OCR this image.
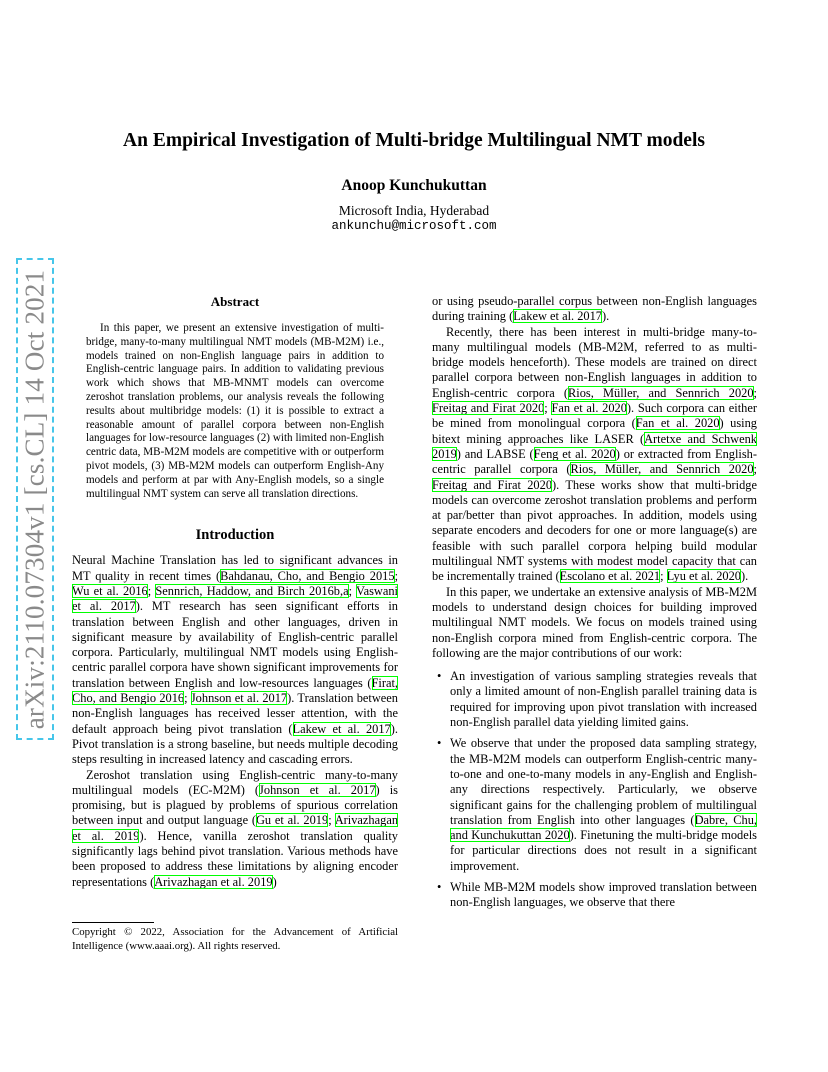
arXiv:2110.07304v1 [cs.CL] 14 Oct 2021
An Empirical Investigation of Multi-bridge Multilingual NMT models
Anoop Kunchukuttan
Microsoft India, Hyderabad
ankunchu@microsoft.com
Abstract

In this paper, we present an extensive investigation of multi-bridge, many-to-many multilingual NMT models (MB-M2M) i.e., models trained on non-English language pairs in addition to English-centric language pairs. In addition to validating previous work which shows that MB-MNMT models can overcome zeroshot translation problems, our analysis reveals the following results about multibridge models: (1) it is possible to extract a reasonable amount of parallel corpora between non-English languages for low-resource languages (2) with limited non-English centric data, MB-M2M models are competitive with or outperform pivot models, (3) MB-M2M models can outperform English-Any models and perform at par with Any-English models, so a single multilingual NMT system can serve all translation directions.

Introduction

Neural Machine Translation has led to significant advances in MT quality in recent times (Bahdanau, Cho, and Bengio 2015; Wu et al. 2016; Sennrich, Haddow, and Birch 2016b,a; Vaswani et al. 2017). MT research has seen significant efforts in translation between English and other languages, driven in significant measure by availability of English-centric parallel corpora. Particularly, multilingual NMT models using English-centric parallel corpora have shown significant improvements for translation between English and low-resources languages (Firat, Cho, and Bengio 2016; Johnson et al. 2017). Translation between non-English languages has received lesser attention, with the default approach being pivot translation (Lakew et al. 2017). Pivot translation is a strong baseline, but needs multiple decoding steps resulting in increased latency and cascading errors.

Zeroshot translation using English-centric many-to-many multilingual models (EC-M2M) (Johnson et al. 2017) is promising, but is plagued by problems of spurious correlation between input and output language (Gu et al. 2019; Arivazhagan et al. 2019). Hence, vanilla zeroshot translation quality significantly lags behind pivot translation. Various methods have been proposed to address these limitations by aligning encoder representations (Arivazhagan et al. 2019)

or using pseudo-parallel corpus between non-English languages during training (Lakew et al. 2017).

Recently, there has been interest in multi-bridge many-to-many multilingual models (MB-M2M, referred to as multi-bridge models henceforth). These models are trained on direct parallel corpora between non-English languages in addition to English-centric corpora (Rios, Müller, and Sennrich 2020; Freitag and Firat 2020; Fan et al. 2020). Such corpora can either be mined from monolingual corpora (Fan et al. 2020) using bitext mining approaches like LASER (Artetxe and Schwenk 2019) and LABSE (Feng et al. 2020) or extracted from English-centric parallel corpora (Rios, Müller, and Sennrich 2020; Freitag and Firat 2020). These works show that multi-bridge models can overcome zeroshot translation problems and perform at par/better than pivot approaches. In addition, models using separate encoders and decoders for one or more language(s) are feasible with such parallel corpora helping build modular multilingual NMT systems with modest model capacity that can be incrementally trained (Escolano et al. 2021; Lyu et al. 2020).

In this paper, we undertake an extensive analysis of MB-M2M models to understand design choices for building improved multilingual NMT models. We focus on models trained using non-English corpora mined from English-centric corpora. The following are the major contributions of our work:

• An investigation of various sampling strategies reveals that only a limited amount of non-English parallel training data is required for improving upon pivot translation with increased non-English parallel data yielding limited gains.
• We observe that under the proposed data sampling strategy, the MB-M2M models can outperform English-centric many-to-one and one-to-many models in any-English and English-any directions respectively. Particularly, we observe significant gains for the challenging problem of multilingual translation from English into other languages (Dabre, Chu, and Kunchukuttan 2020). Finetuning the multi-bridge models for particular directions does not result in a significant improvement.
• While MB-M2M models show improved translation between non-English languages, we observe that there
Copyright © 2022, Association for the Advancement of Artificial Intelligence (www.aaai.org). All rights reserved.
